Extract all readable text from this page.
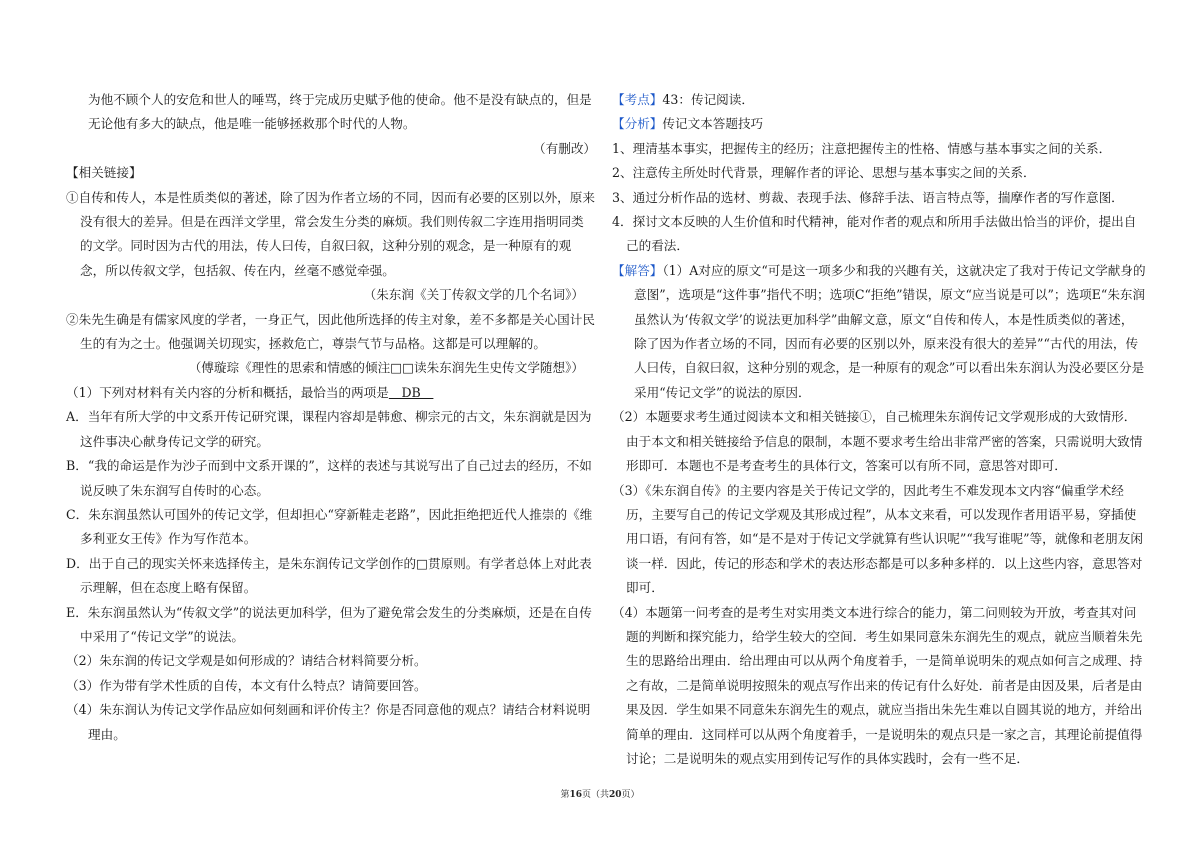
为他不顾个人的安危和世人的唾骂，终于完成历史赋予他的使命。他不是没有缺点的，但是无论他有多大的缺点，他是唯一能够拯救那个时代的人物。

（有删改）

【相关链接】

①自传和传人，本是性质类似的著述，除了因为作者立场的不同，因而有必要的区别以外，原来没有很大的差异。但是在西洋文学里，常会发生分类的麻烦。我们则传叙二字连用指明同类的文学。同时因为古代的用法，传人曰传，自叙曰叙，这种分别的观念，是一种原有的观念，所以传叙文学，包括叙、传在内，丝毫不感觉牵强。

（朱东润《关丁传叙文学的几个名词》）

②朱先生确是有儒家风度的学者，一身正气，因此他所选择的传主对象，差不多都是关心国计民生的有为之士。他强调关切现实，拯救危亡，尊崇气节与品格。这都是可以理解的。

（傅璇琮《理性的思索和情感的倾注□□读朱东润先生史传文学随想》）

（1）下列对材料有关内容的分析和概括，最恰当的两项是　DB　

A．当年有所大学的中文系开传记研究课，课程内容却是韩愈、柳宗元的古文，朱东润就是因为这件事决心献身传记文学的研究。

B．“我的命运是作为沙子而到中文系开课的”，这样的表述与其说写出了自己过去的经历，不如说反映了朱东润写自传时的心态。

C．朱东润虽然认可国外的传记文学，但却担心“穿新鞋走老路”，因此拒绝把近代人推崇的《维多利亚女王传》作为写作范本。

D．出于自己的现实关怀来选择传主，是朱东润传记文学创作的□贯原则。有学者总体上对此表示理解，但在态度上略有保留。

E．朱东润虽然认为“传叙文学”的说法更加科学，但为了避免常会发生的分类麻烦，还是在自传中采用了“传记文学”的说法。

（2）朱东润的传记文学观是如何形成的？请结合材料简要分析。

（3）作为带有学术性质的自传，本文有什么特点？请简要回答。

（4）朱东润认为传记文学作品应如何刻画和评价传主？你是否同意他的观点？请结合材料说明理由。

【考点】43：传记阅读．

【分析】传记文本答题技巧

1、理清基本事实，把握传主的经历；注意把握传主的性格、情感与基本事实之间的关系．

2、注意传主所处时代背景，理解作者的评论、思想与基本事实之间的关系．

3、通过分析作品的选材、剪裁、表现手法、修辞手法、语言特点等，揣摩作者的写作意图．

4．探讨文本反映的人生价值和时代精神，能对作者的观点和所用手法做出恰当的评价，提出自己的看法．

【解答】（1）A对应的原文“可是这一项多少和我的兴趣有关，这就决定了我对于传记文学献身的意图”，选项是“这件事”指代不明；选项C“拒绝”错误，原文“应当说是可以”；选项E“朱东润虽然认为‘传叙文学’的说法更加科学”曲解文意，原文“自传和传人，本是性质类似的著述，除了因为作者立场的不同，因而有必要的区别以外，原来没有很大的差异”“古代的用法，传人曰传，自叙曰叙，这种分别的观念，是一种原有的观念”可以看出朱东润认为没必要区分是采用“传记文学”的说法的原因．

（2）本题要求考生通过阅读本文和相关链接①，自己梳理朱东润传记文学观形成的大致情形．由于本文和相关链接给予信息的限制，本题不要求考生给出非常严密的答案，只需说明大致情形即可．本题也不是考查考生的具体行文，答案可以有所不同，意思答对即可．

（3）《朱东润自传》的主要内容是关于传记文学的，因此考生不难发现本文内容“偏重学术经历，主要写自己的传记文学观及其形成过程”，从本文来看，可以发现作者用语平易，穿插使用口语，有问有答，如“是不是对于传记文学就算有些认识呢”“我写谁呢”等，就像和老朋友闲谈一样．因此，传记的形态和学术的表达形态都是可以多种多样的．以上这些内容，意思答对即可．

（4）本题第一问考查的是考生对实用类文本进行综合的能力，第二问则较为开放，考查其对问题的判断和探究能力，给学生较大的空间．考生如果同意朱东润先生的观点，就应当顺着朱先生的思路给出理由．给出理由可以从两个角度着手，一是简单说明朱的观点如何言之成理、持之有故，二是简单说明按照朱的观点写作出来的传记有什么好处．前者是由因及果，后者是由果及因．学生如果不同意朱东润先生的观点，就应当指出朱先生难以自圆其说的地方，并给出简单的理由．这同样可以从两个角度着手，一是说明朱的观点只是一家之言，其理论前提值得讨论；二是说明朱的观点实用到传记写作的具体实践时，会有一些不足．

第16页（共20页）
